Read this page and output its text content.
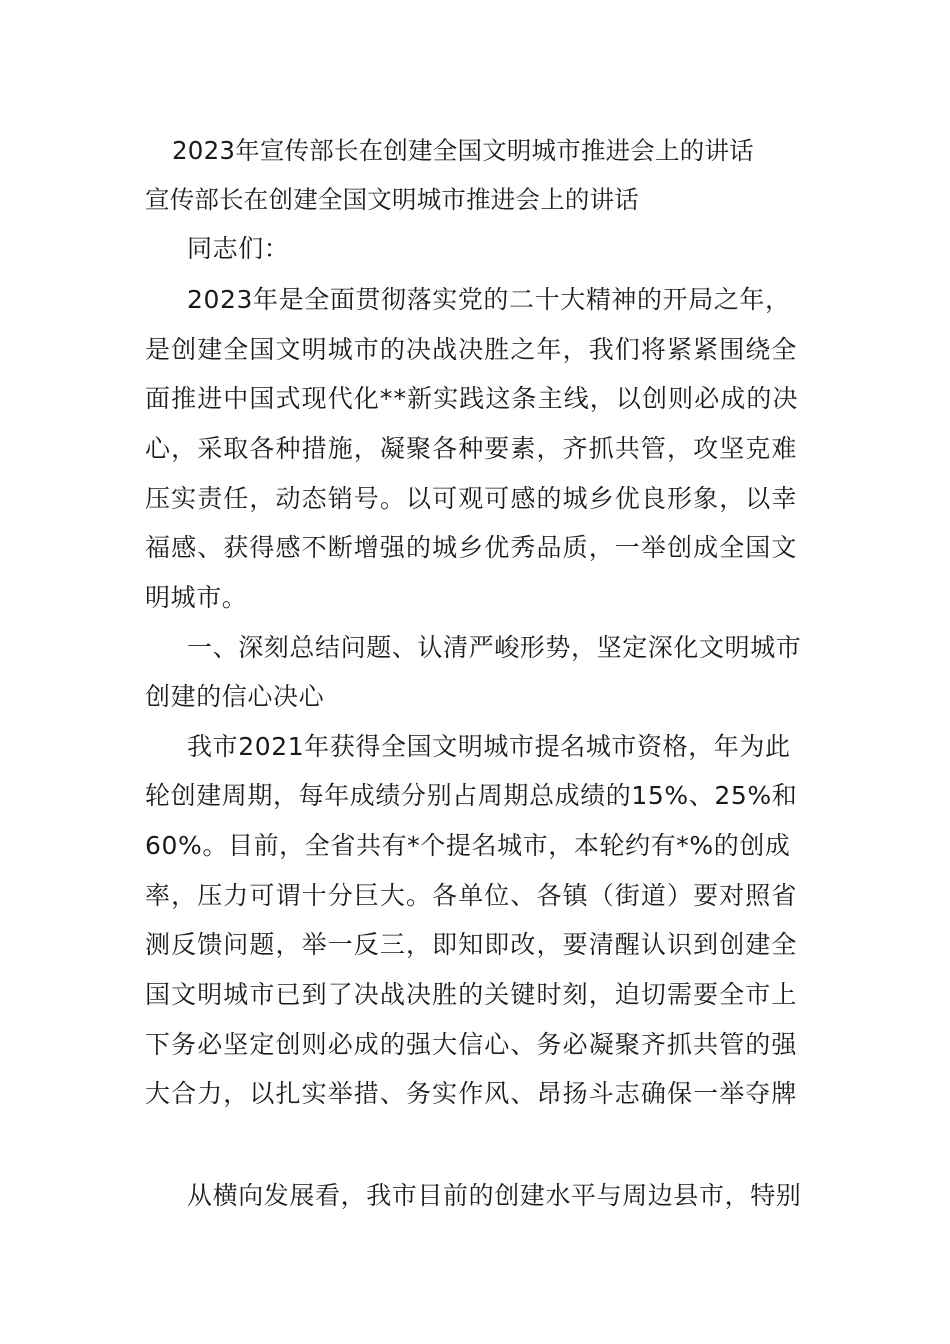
2023年宣传部长在创建全国文明城市推进会上的讲话
宣传部长在创建全国文明城市推进会上的讲话
同志们：
2023年是全面贯彻落实党的二十大精神的开局之年，
是创建全国文明城市的决战决胜之年，我们将紧紧围绕全
面推进中国式现代化**新实践这条主线，以创则必成的决
心，采取各种措施，凝聚各种要素，齐抓共管，攻坚克难
压实责任，动态销号。以可观可感的城乡优良形象，以幸
福感、获得感不断增强的城乡优秀品质，一举创成全国文
明城市。
一、深刻总结问题、认清严峻形势，坚定深化文明城市
创建的信心决心
我市2021年获得全国文明城市提名城市资格，年为此
轮创建周期，每年成绩分别占周期总成绩的15%、25%和
60%。目前，全省共有*个提名城市，本轮约有*%的创成
率，压力可谓十分巨大。各单位、各镇（街道）要对照省
测反馈问题，举一反三，即知即改，要清醒认识到创建全
国文明城市已到了决战决胜的关键时刻，迫切需要全市上
下务必坚定创则必成的强大信心、务必凝聚齐抓共管的强
大合力，以扎实举措、务实作风、昂扬斗志确保一举夺牌
从横向发展看，我市目前的创建水平与周边县市，特别
